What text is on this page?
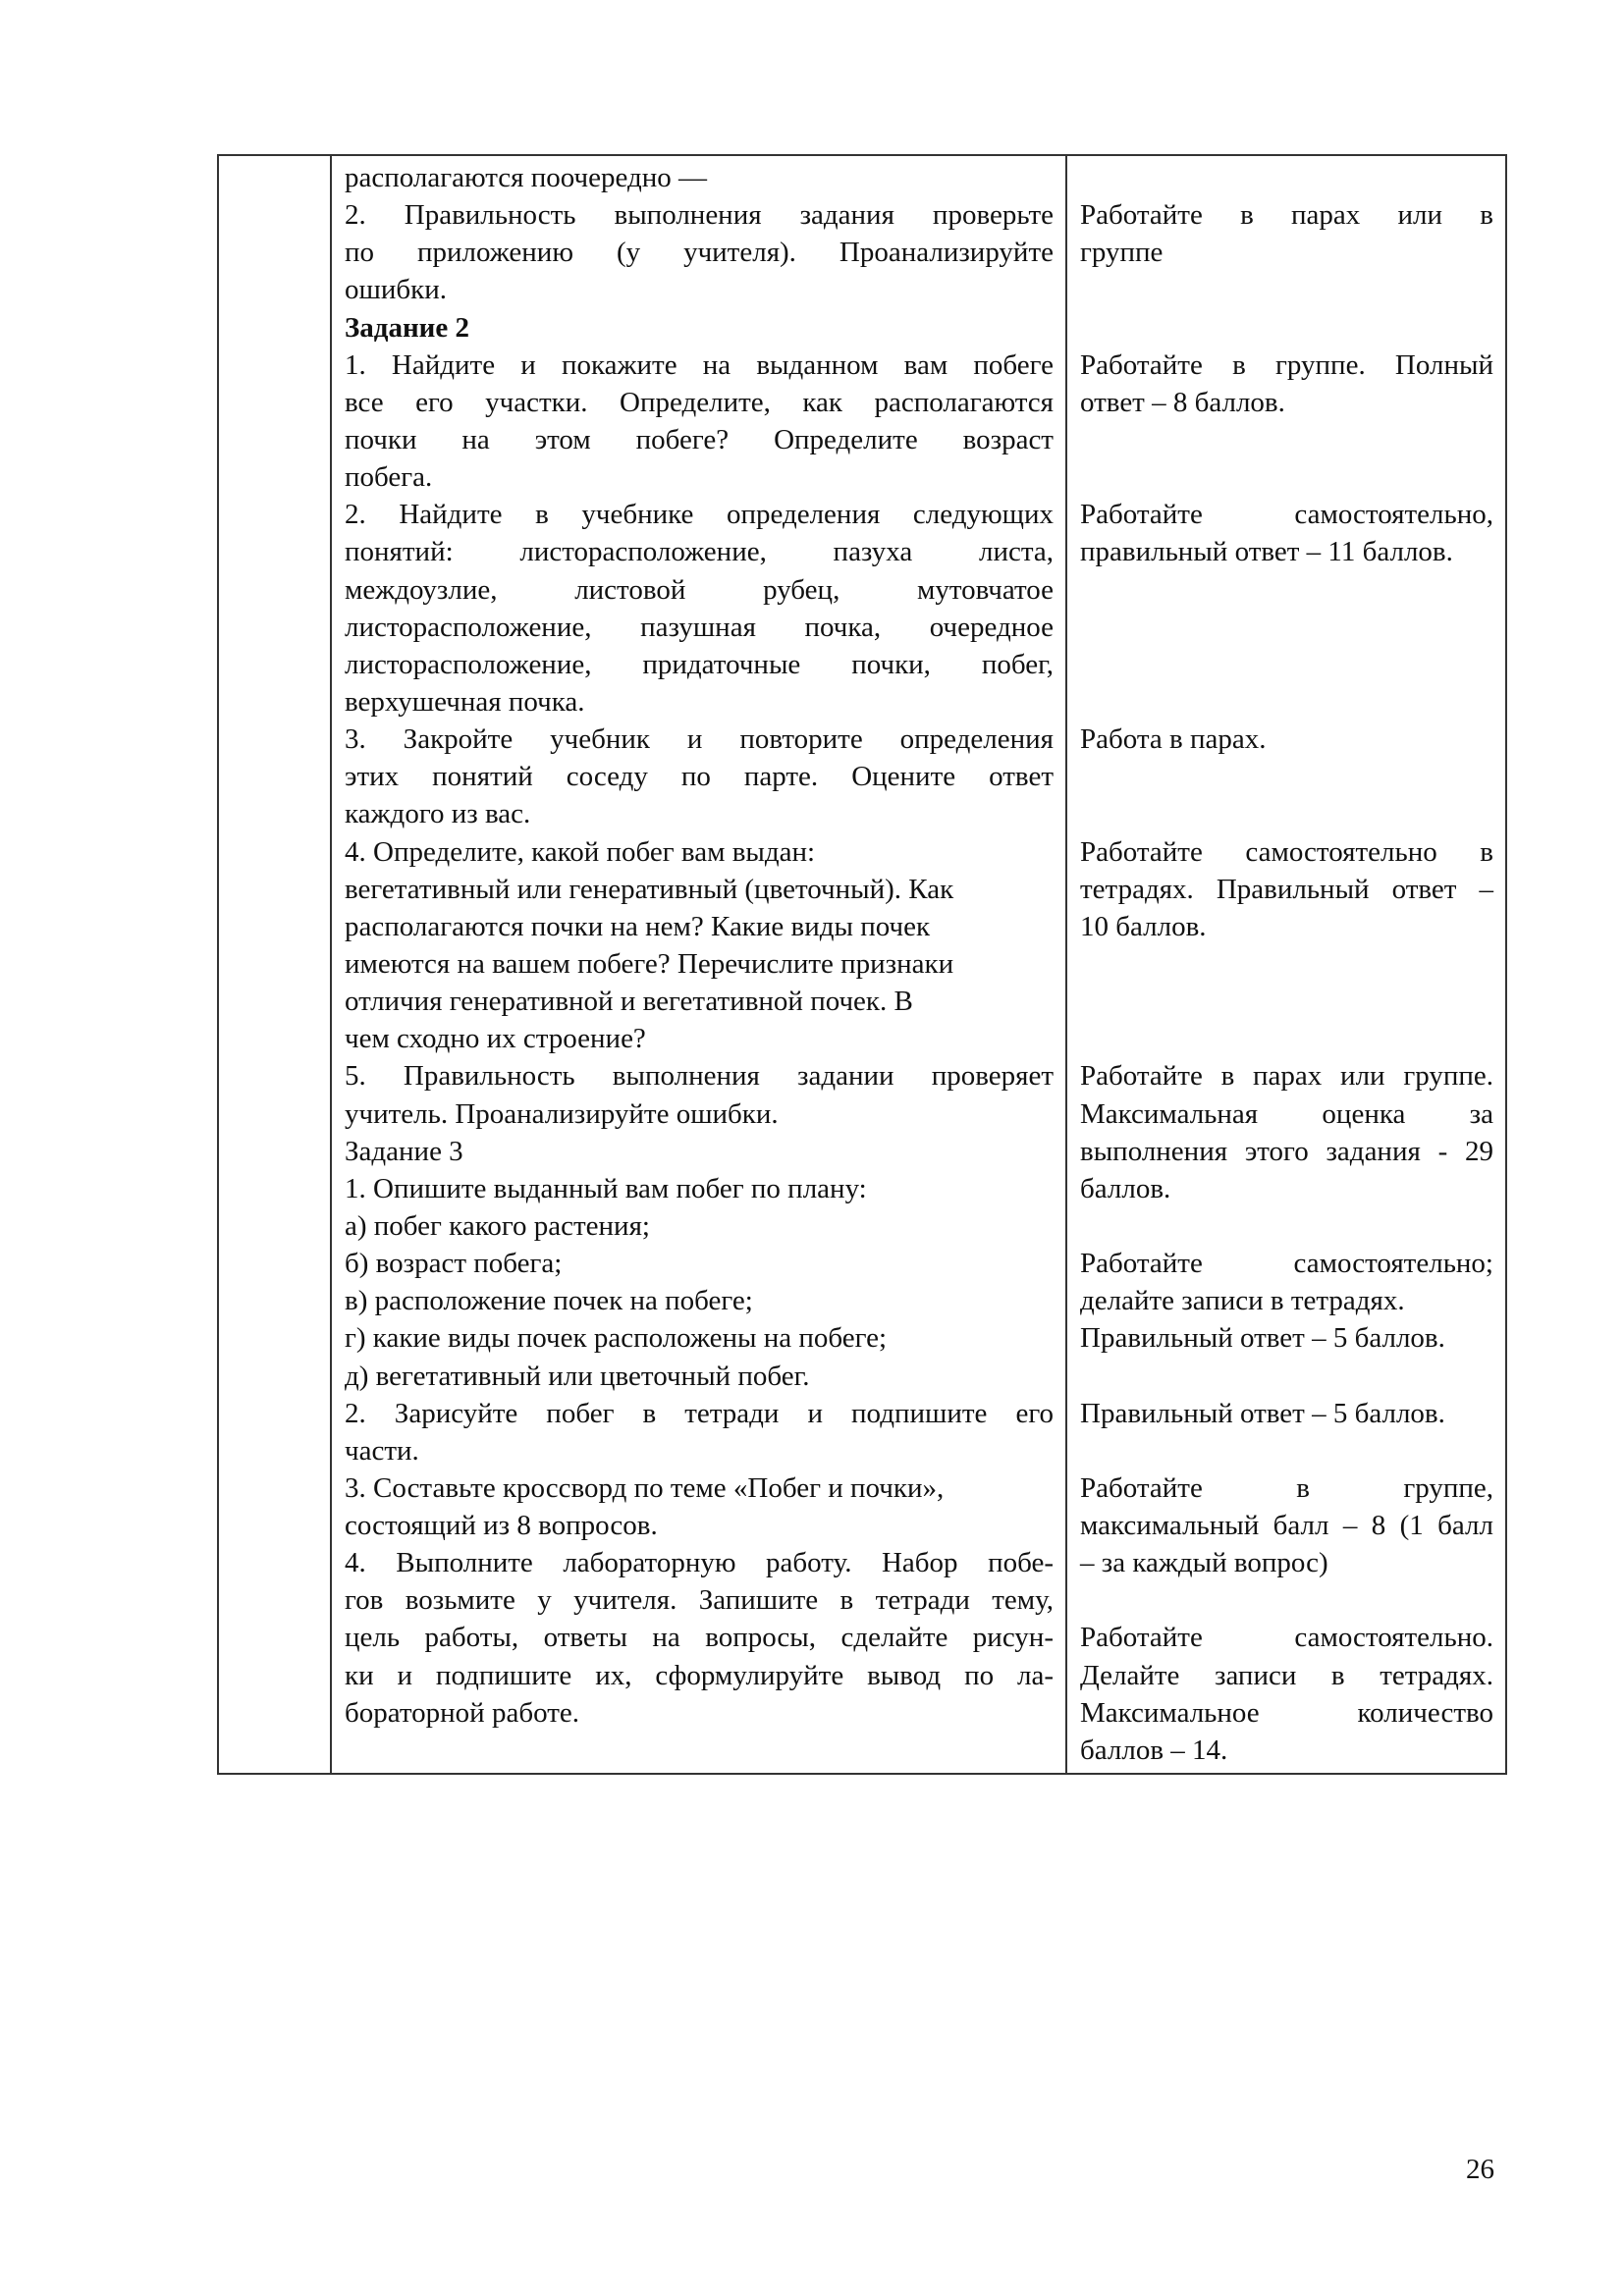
располагаются поочередно —
2. Правильность выполнения задания проверьте
по приложению (у учителя). Проанализируйте
ошибки.
Задание 2
1. Найдите и покажите на выданном вам побеге
все его участки. Определите, как располагаются
почки на этом побеге? Определите возраст
побега.
2. Найдите в учебнике определения следующих
понятий: листорасположение, пазуха листа,
междоузлие, листовой рубец, мутовчатое
листорасположение, пазушная почка, очередное
листорасположение, придаточные почки, побег,
верхушечная почка.
3. Закройте учебник и повторите определения
этих понятий соседу по парте. Оцените ответ
каждого из вас.
4. Определите, какой побег вам выдан:
вегетативный или генеративный (цветочный). Как
располагаются почки на нем? Какие виды почек
имеются на вашем побеге? Перечислите признаки
отличия генеративной и вегетативной почек. В
чем сходно их строение?
5. Правильность выполнения задании проверяет
учитель. Проанализируйте ошибки.
Задание 3
1. Опишите выданный вам побег по плану:
а) побег какого растения;
б) возраст побега;
в) расположение почек на побеге;
г) какие виды почек расположены на побеге;
д) вегетативный или цветочный побег.
2. Зарисуйте побег в тетради и подпишите его
части.
3. Составьте кроссворд по теме «Побег и почки»,
состоящий из 8 вопросов.
4. Выполните лабораторную работу. Набор побе-
гов возьмите у учителя. Запишите в тетради тему,
цель работы, ответы на вопросы, сделайте рисун-
ки и подпишите их, сформулируйте вывод по ла-
бораторной работе.
Работайте в парах или в
группе
Работайте в группе. Полный
ответ – 8 баллов.
Работайте самостоятельно,
правильный ответ – 11 баллов.
Работа в парах.
Работайте самостоятельно в
тетрадях. Правильный ответ –
10 баллов.
Работайте в парах или группе.
Максимальная оценка за
выполнения этого задания - 29
баллов.
Работайте самостоятельно;
делайте записи в тетрадях.
Правильный ответ – 5 баллов.
Правильный ответ – 5 баллов.
Работайте в группе,
максимальный балл – 8 (1 балл
– за каждый вопрос)
Работайте самостоятельно.
Делайте записи в тетрадях.
Максимальное количество
баллов – 14.
26
